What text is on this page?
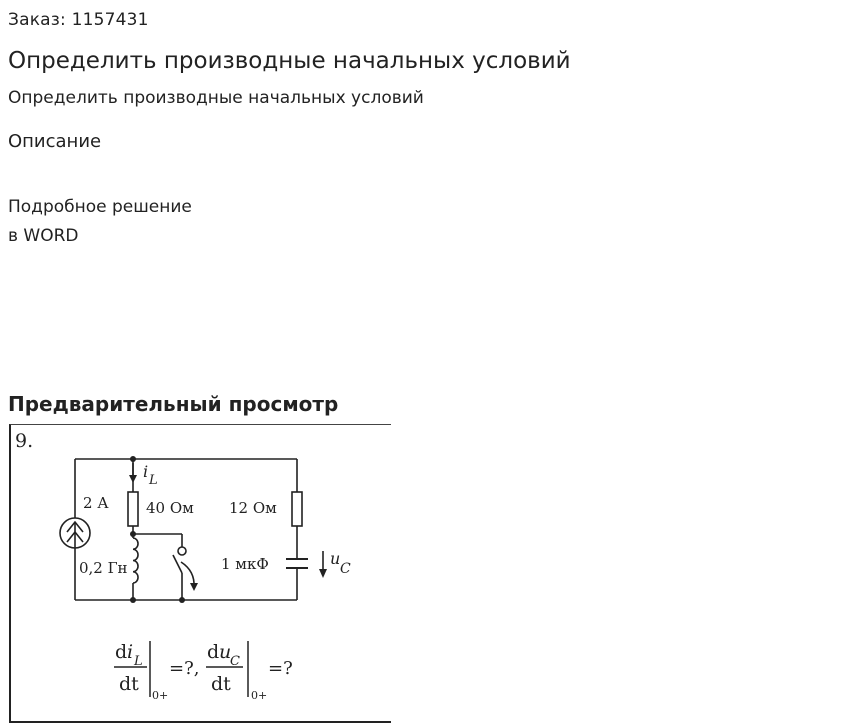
Заказ: 1157431
Определить производные начальных условий
Определить производные начальных условий
Описание
Подробное решение
в WORD
Предварительный просмотр
9.
2 А
i L
40 Ом 12 Ом
0,2 Гн	1 мкФ	u
C
d i L
dt
0+
=?,
d u
C
dt
0+
=?
